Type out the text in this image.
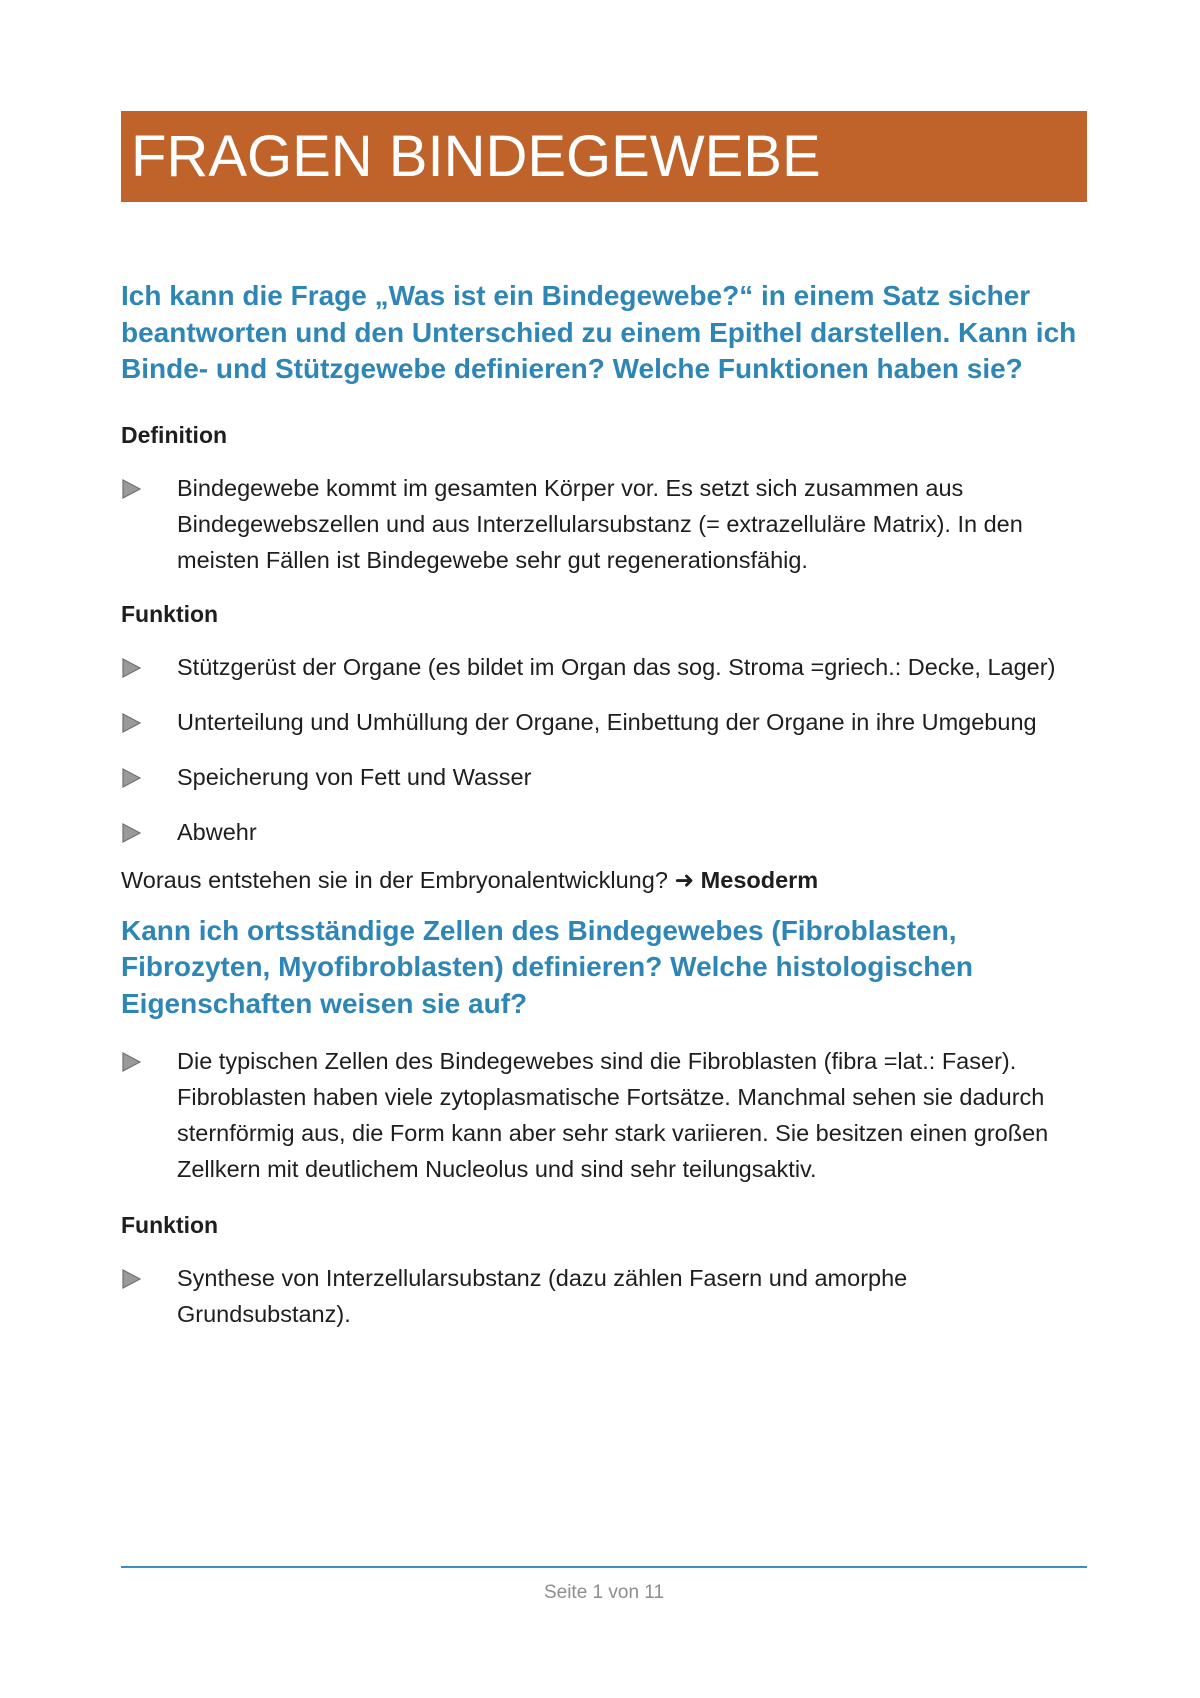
FRAGEN BINDEGEWEBE
Ich kann die Frage „Was ist ein Bindegewebe?“ in einem Satz sicher beantworten und den Unterschied zu einem Epithel darstellen. Kann ich Binde- und Stützgewebe definieren? Welche Funktionen haben sie?
Definition
Bindegewebe kommt im gesamten Körper vor. Es setzt sich zusammen aus Bindegewebszellen und aus Interzellularsubstanz (= extrazelluläre Matrix). In den meisten Fällen ist Bindegewebe sehr gut regenerationsfähig.
Funktion
Stützgerüst der Organe (es bildet im Organ das sog. Stroma =griech.: Decke, Lager)
Unterteilung und Umhüllung der Organe, Einbettung der Organe in ihre Umgebung
Speicherung von Fett und Wasser
Abwehr

Woraus entstehen sie in der Embryonalentwicklung? ➜ Mesoderm

Kann ich ortsständige Zellen des Bindegewebes (Fibroblasten, Fibrozyten, Myofibroblasten) definieren? Welche histologischen Eigenschaften weisen sie auf?
Die typischen Zellen des Bindegewebes sind die Fibroblasten (fibra =lat.: Faser). Fibroblasten haben viele zytoplasmatische Fortsätze. Manchmal sehen sie dadurch sternförmig aus, die Form kann aber sehr stark variieren. Sie besitzen einen großen Zellkern mit deutlichem Nucleolus und sind sehr teilungsaktiv.
Funktion
Synthese von Interzellularsubstanz (dazu zählen Fasern und amorphe Grundsubstanz).
Seite 1 von 11
